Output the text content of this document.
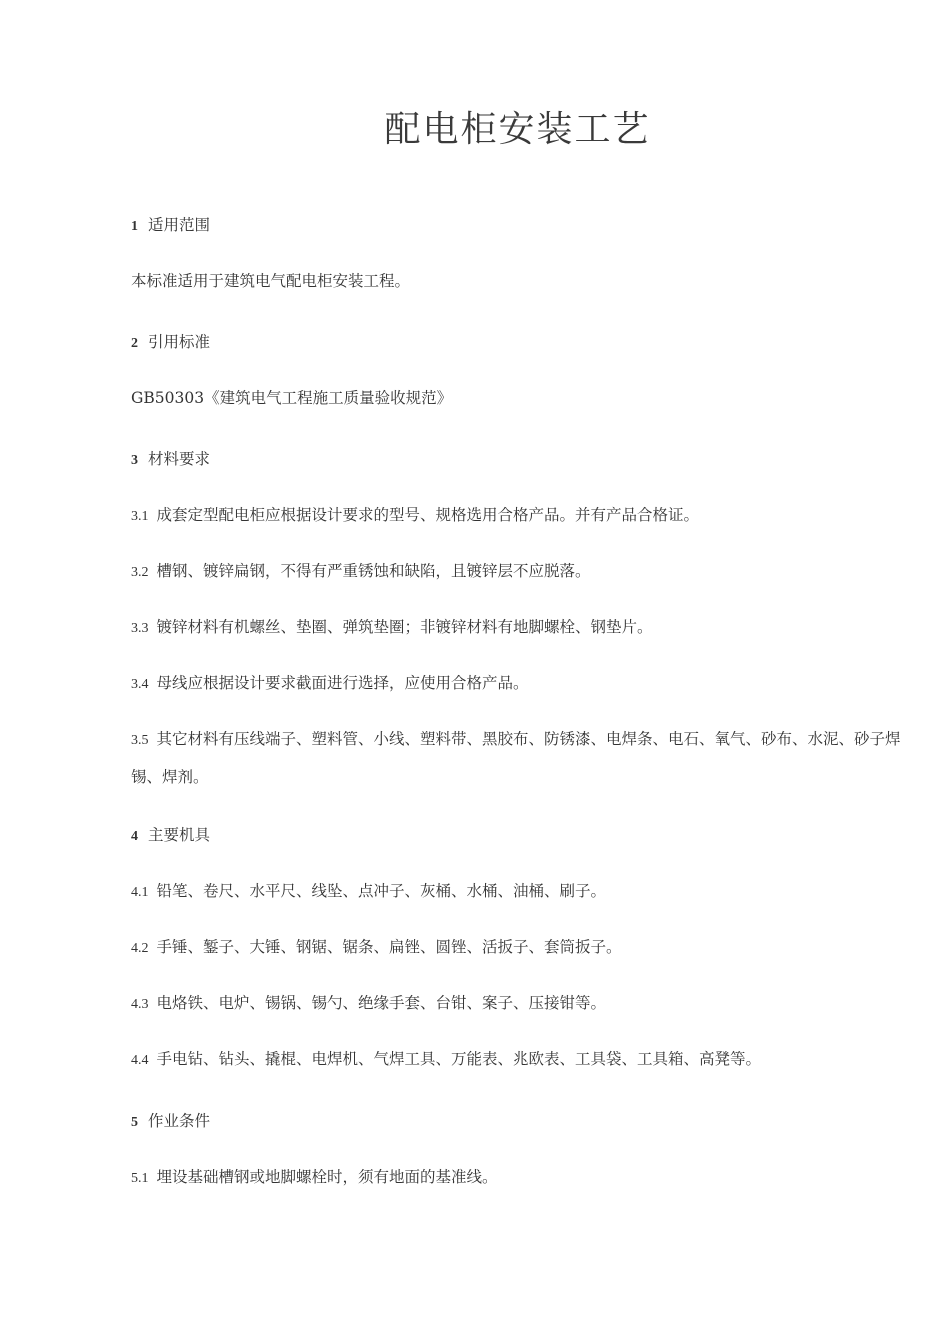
配电柜安装工艺
1 适用范围
本标准适用于建筑电气配电柜安装工程。
2 引用标准
GB50303《建筑电气工程施工质量验收规范》
3 材料要求
3.1 成套定型配电柜应根据设计要求的型号、规格选用合格产品。并有产品合格证。
3.2 槽钢、镀锌扁钢，不得有严重锈蚀和缺陷，且镀锌层不应脱落。
3.3 镀锌材料有机螺丝、垫圈、弹筑垫圈；非镀锌材料有地脚螺栓、钢垫片。
3.4 母线应根据设计要求截面进行选择，应使用合格产品。
3.5 其它材料有压线端子、塑料管、小线、塑料带、黑胶布、防锈漆、电焊条、电石、氧气、砂布、水泥、砂子焊锡、焊剂。
4 主要机具
4.1 铅笔、卷尺、水平尺、线坠、点冲子、灰桶、水桶、油桶、刷子。
4.2 手锤、錾子、大锤、钢锯、锯条、扁锉、圆锉、活扳子、套筒扳子。
4.3 电烙铁、电炉、锡锅、锡勺、绝缘手套、台钳、案子、压接钳等。
4.4 手电钻、钻头、撬棍、电焊机、气焊工具、万能表、兆欧表、工具袋、工具箱、高凳等。
5 作业条件
5.1 埋设基础槽钢或地脚螺栓时，须有地面的基准线。
